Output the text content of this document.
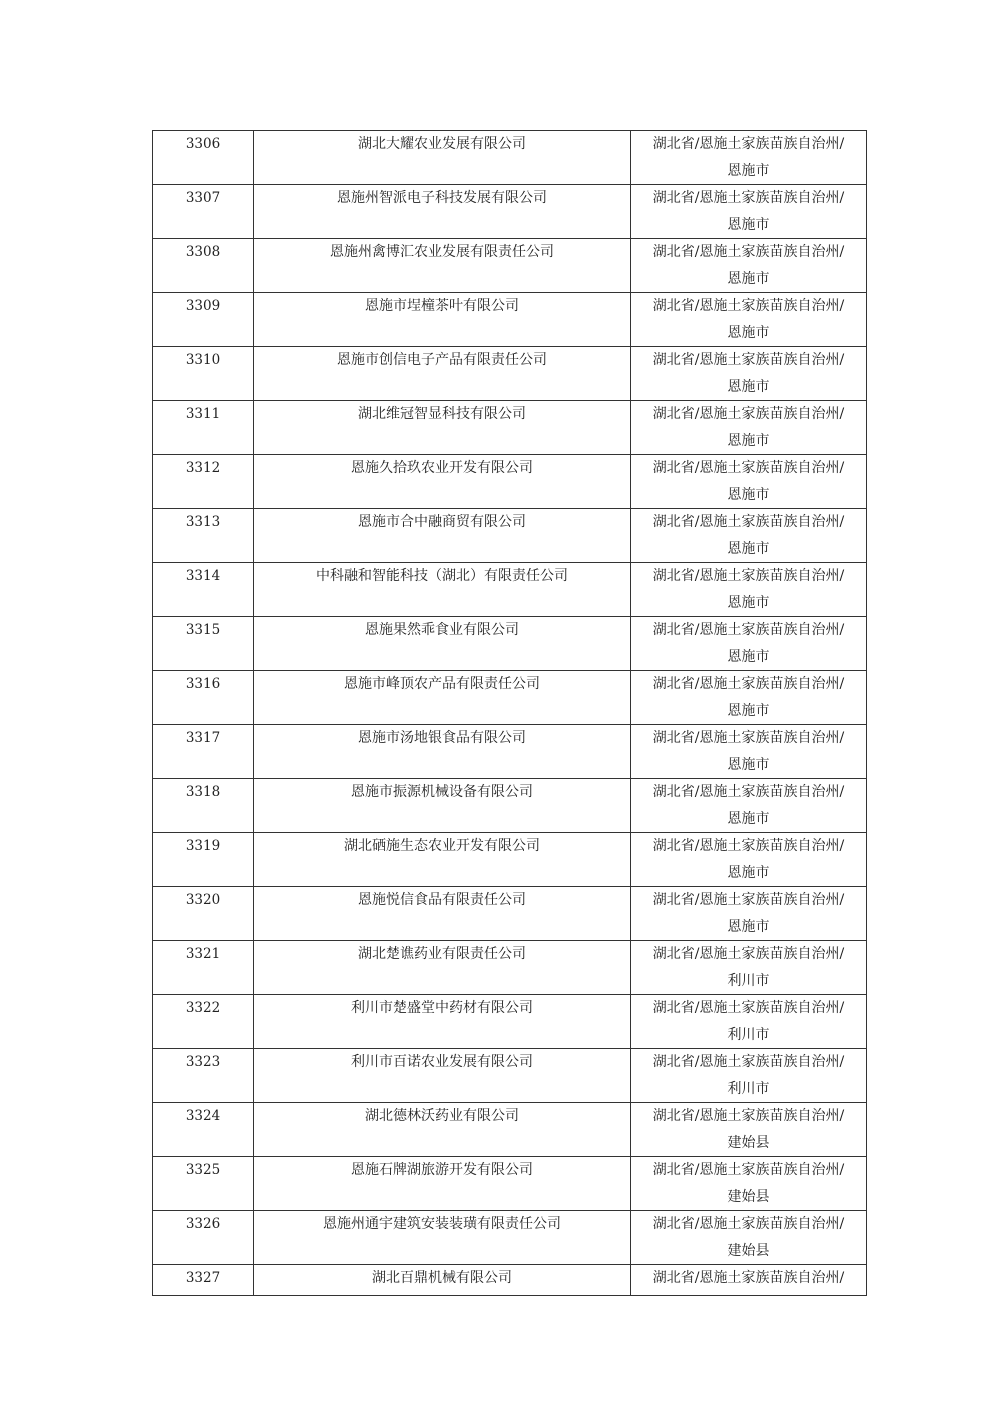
3306	湖北大耀农业发展有限公司	湖北省/恩施土家族苗族自治州/
恩施市

3307	恩施州智派电子科技发展有限公司	湖北省/恩施土家族苗族自治州/
恩施市

3308	恩施州禽博汇农业发展有限责任公司	湖北省/恩施土家族苗族自治州/
恩施市

3309	恩施市埕橦茶叶有限公司	湖北省/恩施土家族苗族自治州/
恩施市

3310	恩施市创信电子产品有限责任公司	湖北省/恩施土家族苗族自治州/
恩施市

3311	湖北维冠智显科技有限公司	湖北省/恩施土家族苗族自治州/
恩施市

3312	恩施久拾玖农业开发有限公司	湖北省/恩施土家族苗族自治州/
恩施市

3313	恩施市合中融商贸有限公司	湖北省/恩施土家族苗族自治州/
恩施市

3314	中科融和智能科技（湖北）有限责任公司	湖北省/恩施土家族苗族自治州/
恩施市

3315	恩施果然乖食业有限公司	湖北省/恩施土家族苗族自治州/
恩施市

3316	恩施市峰顶农产品有限责任公司	湖北省/恩施土家族苗族自治州/
恩施市

3317	恩施市汤地银食品有限公司	湖北省/恩施土家族苗族自治州/
恩施市

3318	恩施市振源机械设备有限公司	湖北省/恩施土家族苗族自治州/
恩施市

3319	湖北硒施生态农业开发有限公司	湖北省/恩施土家族苗族自治州/
恩施市

3320	恩施悦信食品有限责任公司	湖北省/恩施土家族苗族自治州/
恩施市

3321	湖北楚谯药业有限责任公司	湖北省/恩施土家族苗族自治州/
利川市

3322	利川市楚盛堂中药材有限公司	湖北省/恩施土家族苗族自治州/
利川市

3323	利川市百诺农业发展有限公司	湖北省/恩施土家族苗族自治州/
利川市

3324	湖北德林沃药业有限公司	湖北省/恩施土家族苗族自治州/
建始县

3325	恩施石牌湖旅游开发有限公司	湖北省/恩施土家族苗族自治州/
建始县

3326	恩施州通宇建筑安装装璜有限责任公司	湖北省/恩施土家族苗族自治州/
建始县

3327	湖北百鼎机械有限公司	湖北省/恩施土家族苗族自治州/
